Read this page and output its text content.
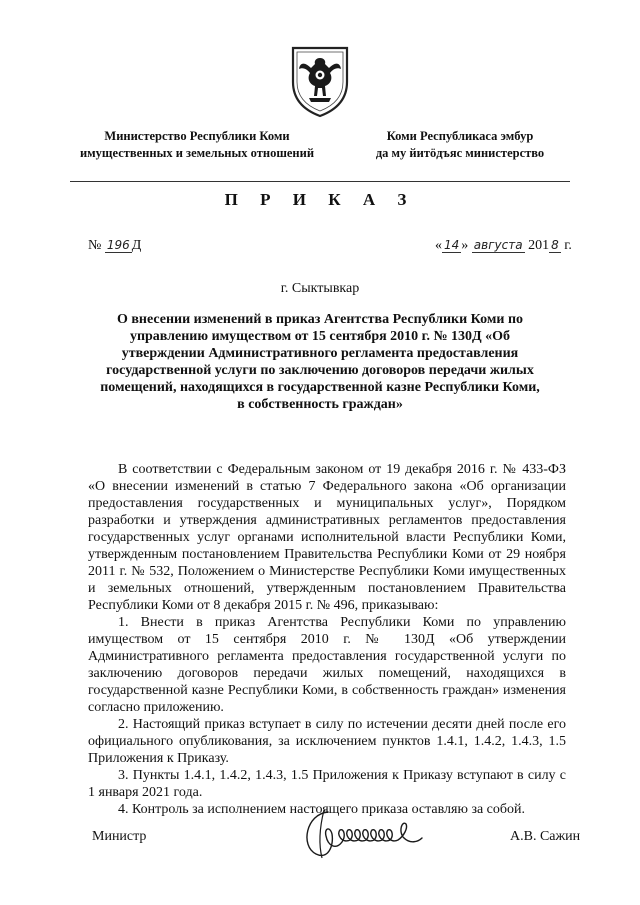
Министерство Республики Коми
имущественных и земельных отношений
Коми Республикаса эмбур
да му йитӧдъяс министерство
П Р И К А З
№ 196 Д	« 14 » августа 201 8 г.
г. Сыктывкар
О внесении изменений в приказ Агентства Республики Коми по управлению имуществом от 15 сентября 2010 г. № 130Д «Об утверждении Административного регламента предоставления государственной услуги по заключению договоров передачи жилых помещений, находящихся в государственной казне Республики Коми, в собственность граждан»

В соответствии с Федеральным законом от 19 декабря 2016 г. № 433-ФЗ «О внесении изменений в статью 7 Федерального закона «Об организации предоставления государственных и муниципальных услуг», Порядком разработки и утверждения административных регламентов предоставления государственных услуг органами исполнительной власти Республики Коми, утвержденным постановлением Правительства Республики Коми от 29 ноября 2011 г. № 532, Положением о Министерстве Республики Коми имущественных и земельных отношений, утвержденным постановлением Правительства Республики Коми от 8 декабря 2015 г. № 496, приказываю:

1. Внести в приказ Агентства Республики Коми по управлению имуществом от 15 сентября 2010 г. № 130Д «Об утверждении Административного регламента предоставления государственной услуги по заключению договоров передачи жилых помещений, находящихся в государственной казне Республики Коми, в собственность граждан» изменения согласно приложению.

2. Настоящий приказ вступает в силу по истечении десяти дней после его официального опубликования, за исключением пунктов 1.4.1, 1.4.2, 1.4.3, 1.5 Приложения к Приказу.

3. Пункты 1.4.1, 1.4.2, 1.4.3, 1.5 Приложения к Приказу вступают в силу с 1 января 2021 года.

4. Контроль за исполнением настоящего приказа оставляю за собой.

Министр	А.В. Сажин
